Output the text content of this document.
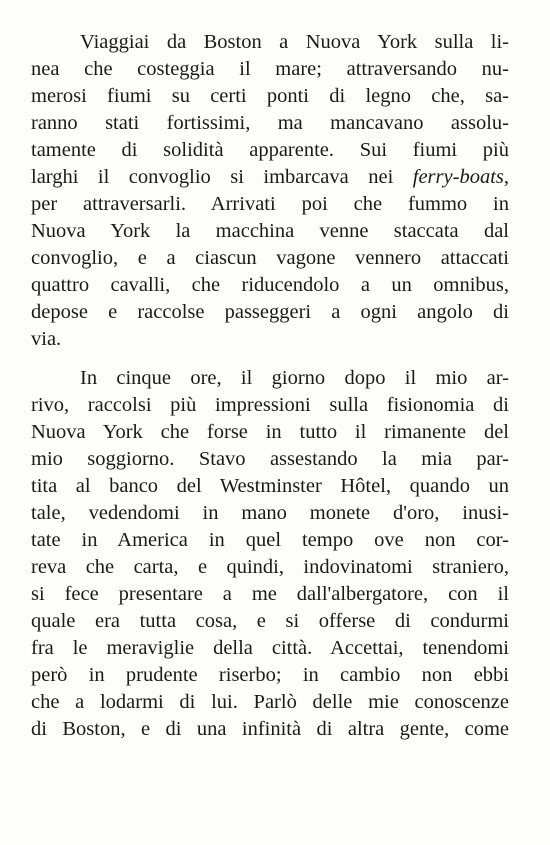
Viaggiai da Boston a Nuova York sulla li-
nea che costeggia il mare; attraversando nu-
merosi fiumi su certi ponti di legno che, sa-
ranno stati fortissimi, ma mancavano assolu-
tamente di solidità apparente. Sui fiumi più
larghi il convoglio si imbarcava nei ferry-boats,
per attraversarli. Arrivati poi che fummo in
Nuova York la macchina venne staccata dal
convoglio, e a ciascun vagone vennero attaccati
quattro cavalli, che riducendolo a un omnibus,
depose e raccolse passeggeri a ogni angolo di
via.
In cinque ore, il giorno dopo il mio ar-
rivo, raccolsi più impressioni sulla fisionomia di
Nuova York che forse in tutto il rimanente del
mio soggiorno. Stavo assestando la mia par-
tita al banco del Westminster Hôtel, quando un
tale, vedendomi in mano monete d'oro, inusi-
tate in America in quel tempo ove non cor-
reva che carta, e quindi, indovinatomi straniero,
si fece presentare a me dall'albergatore, con il
quale era tutta cosa, e si offerse di condurmi
fra le meraviglie della città. Accettai, tenendomi
però in prudente riserbo; in cambio non ebbi
che a lodarmi di lui. Parlò delle mie conoscenze
di Boston, e di una infinità di altra gente, come
